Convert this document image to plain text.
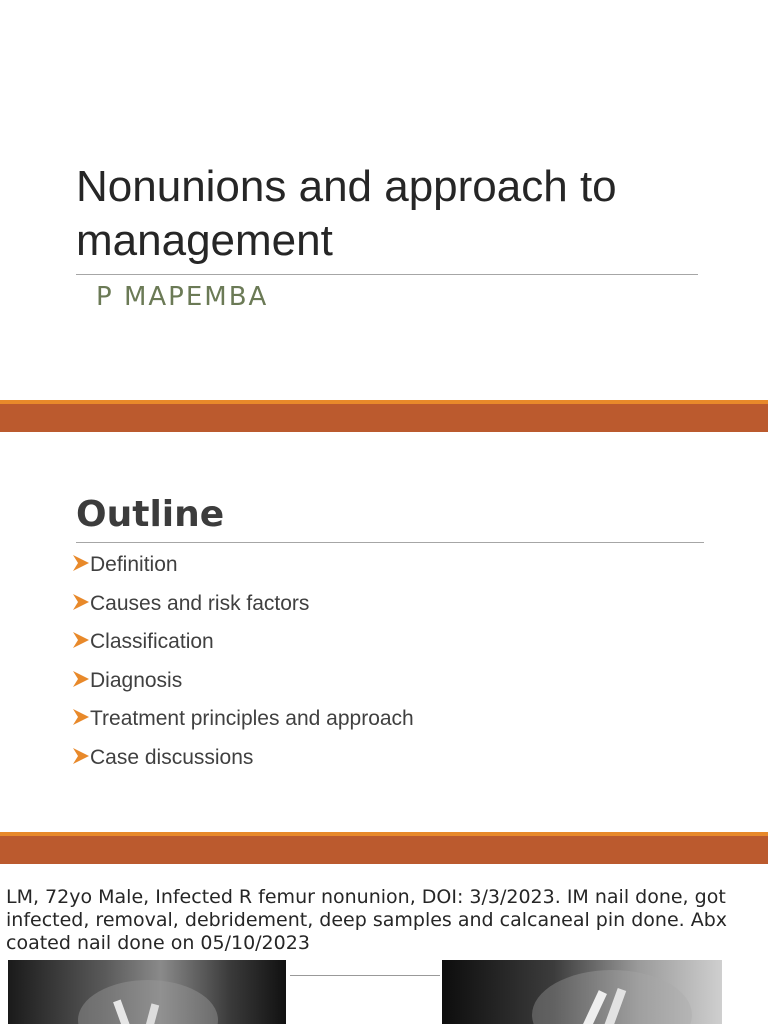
Nonunions and approach to
management
P MAPEMBA
Outline
Definition
Causes and risk factors
Classification
Diagnosis
Treatment principles and approach
Case discussions
LM, 72yo Male, Infected R femur nonunion, DOI: 3/3/2023. IM nail done, got infected, removal, debridement, deep samples and calcaneal pin done. Abx coated nail done on 05/10/2023
